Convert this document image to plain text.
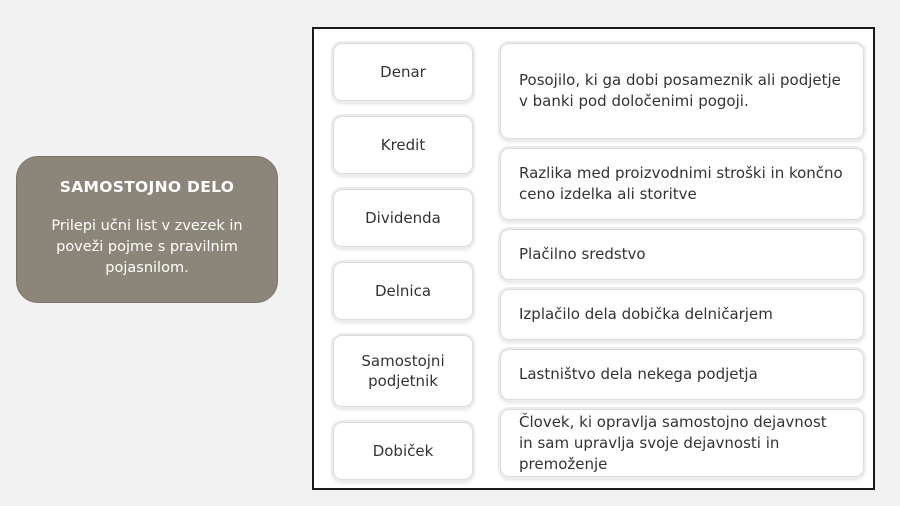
SAMOSTOJNO DELO
Prilepi učni list v zvezek in poveži pojme s pravilnim pojasnilom.
Denar
Kredit
Dividenda
Delnica
Samostojni
podjetnik
Dobiček
Posojilo, ki ga dobi posameznik ali podjetje v banki pod določenimi pogoji.
Razlika med proizvodnimi stroški in končno ceno izdelka ali storitve
Plačilno sredstvo
Izplačilo dela dobička delničarjem
Lastništvo dela nekega podjetja
Človek, ki opravlja samostojno dejavnost in sam upravlja svoje dejavnosti in premoženje
